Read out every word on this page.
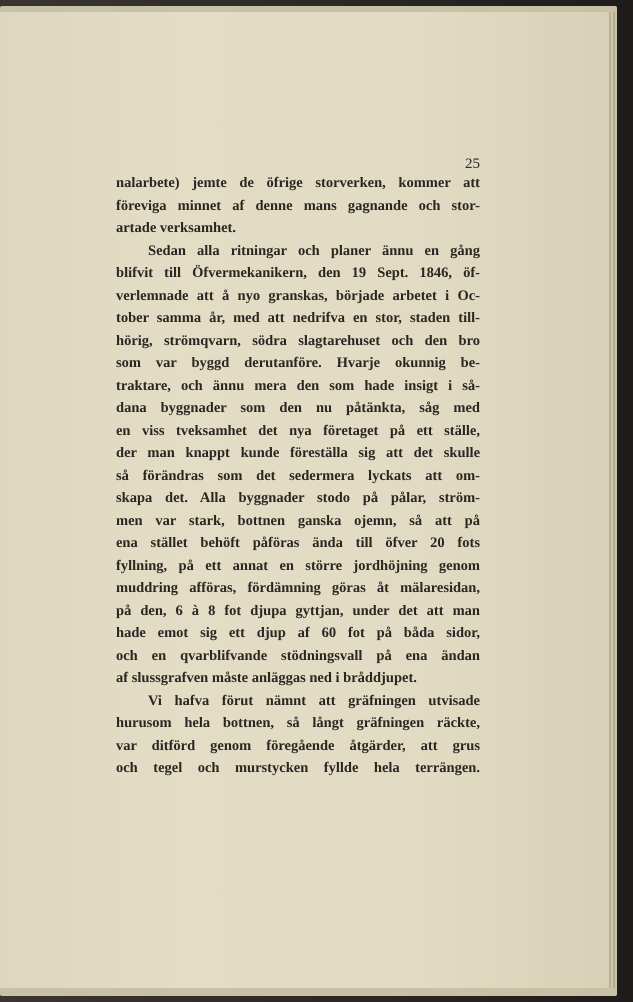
25

nalarbete) jemte de öfrige storverken, kommer att
föreviga minnet af denne mans gagnande och stor-
artade verksamhet.
Sedan alla ritningar och planer ännu en gång
blifvit till Öfvermekanikern, den 19 Sept. 1846, öf-
verlemnade att å nyo granskas, började arbetet i Oc-
tober samma år, med att nedrifva en stor, staden till-
hörig, strömqvarn, södra slagtarehuset och den bro
som var byggd derutanföre. Hvarje okunnig be-
traktare, och ännu mera den som hade insigt i så-
dana byggnader som den nu påtänkta, såg med
en viss tveksamhet det nya företaget på ett ställe,
der man knappt kunde föreställa sig att det skulle
så förändras som det sedermera lyckats att om-
skapa det. Alla byggnader stodo på pålar, ström-
men var stark, bottnen ganska ojemn, så att på
ena stället behöft påföras ända till öfver 20 fots
fyllning, på ett annat en större jordhöjning genom
muddring afföras, fördämning göras åt mälaresidan,
på den, 6 à 8 fot djupa gyttjan, under det att man
hade emot sig ett djup af 60 fot på båda sidor,
och en qvarblifvande stödningsvall på ena ändan
af slussgrafven måste anläggas ned i bråddjupet.
Vi hafva förut nämnt att gräfningen utvisade
hurusom hela bottnen, så långt gräfningen räckte,
var ditförd genom föregående åtgärder, att grus
och tegel och murstycken fyllde hela terrängen.
